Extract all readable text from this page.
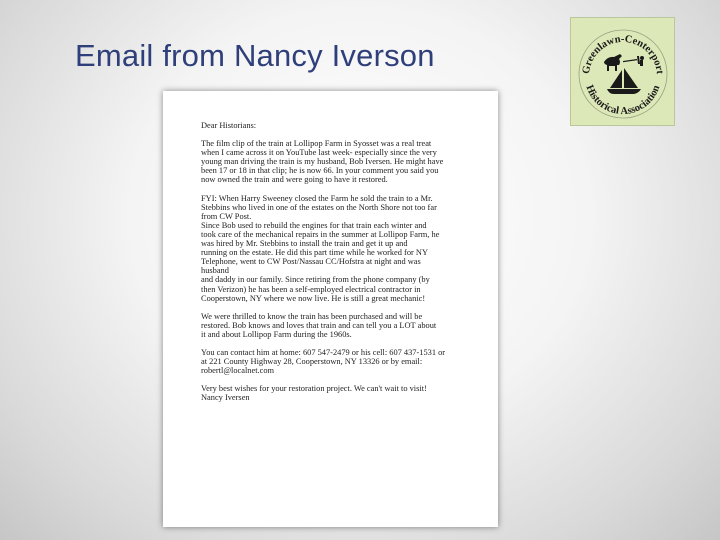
Email from Nancy Iverson	Greenlawn-Centerport
Historical Association
Dear Historians:
The film clip of the train at Lollipop Farm in Syosset was a real treat
when I came across it on YouTube last week- especially since the very
young man driving the train is my husband, Bob Iversen. He might have
been 17 or 18 in that clip; he is now 66. In your comment you said you
now owned the train and were going to have it restored.
FYI: When Harry Sweeney closed the Farm he sold the train to a Mr.
Stebbins who lived in one of the estates on the North Shore not too far
from CW Post.
Since Bob used to rebuild the engines for that train each winter and
took care of the mechanical repairs in the summer at Lollipop Farm, he
was hired by Mr. Stebbins to install the train and get it up and
running on the estate. He did this part time while he worked for NY
Telephone, went to CW Post/Nassau CC/Hofstra at night and was
husband
and daddy in our family. Since retiring from the phone company (by
then Verizon) he has been a self-employed electrical contractor in
Cooperstown, NY where we now live. He is still a great mechanic!
We were thrilled to know the train has been purchased and will be
restored. Bob knows and loves that train and can tell you a LOT about
it and about Lollipop Farm during the 1960s.
You can contact him at home: 607 547-2479 or his cell: 607 437-1531 or
at 221 County Highway 28, Cooperstown, NY 13326 or by email:
robertl@localnet.com
Very best wishes for your restoration project. We can't wait to visit!
Nancy Iversen
